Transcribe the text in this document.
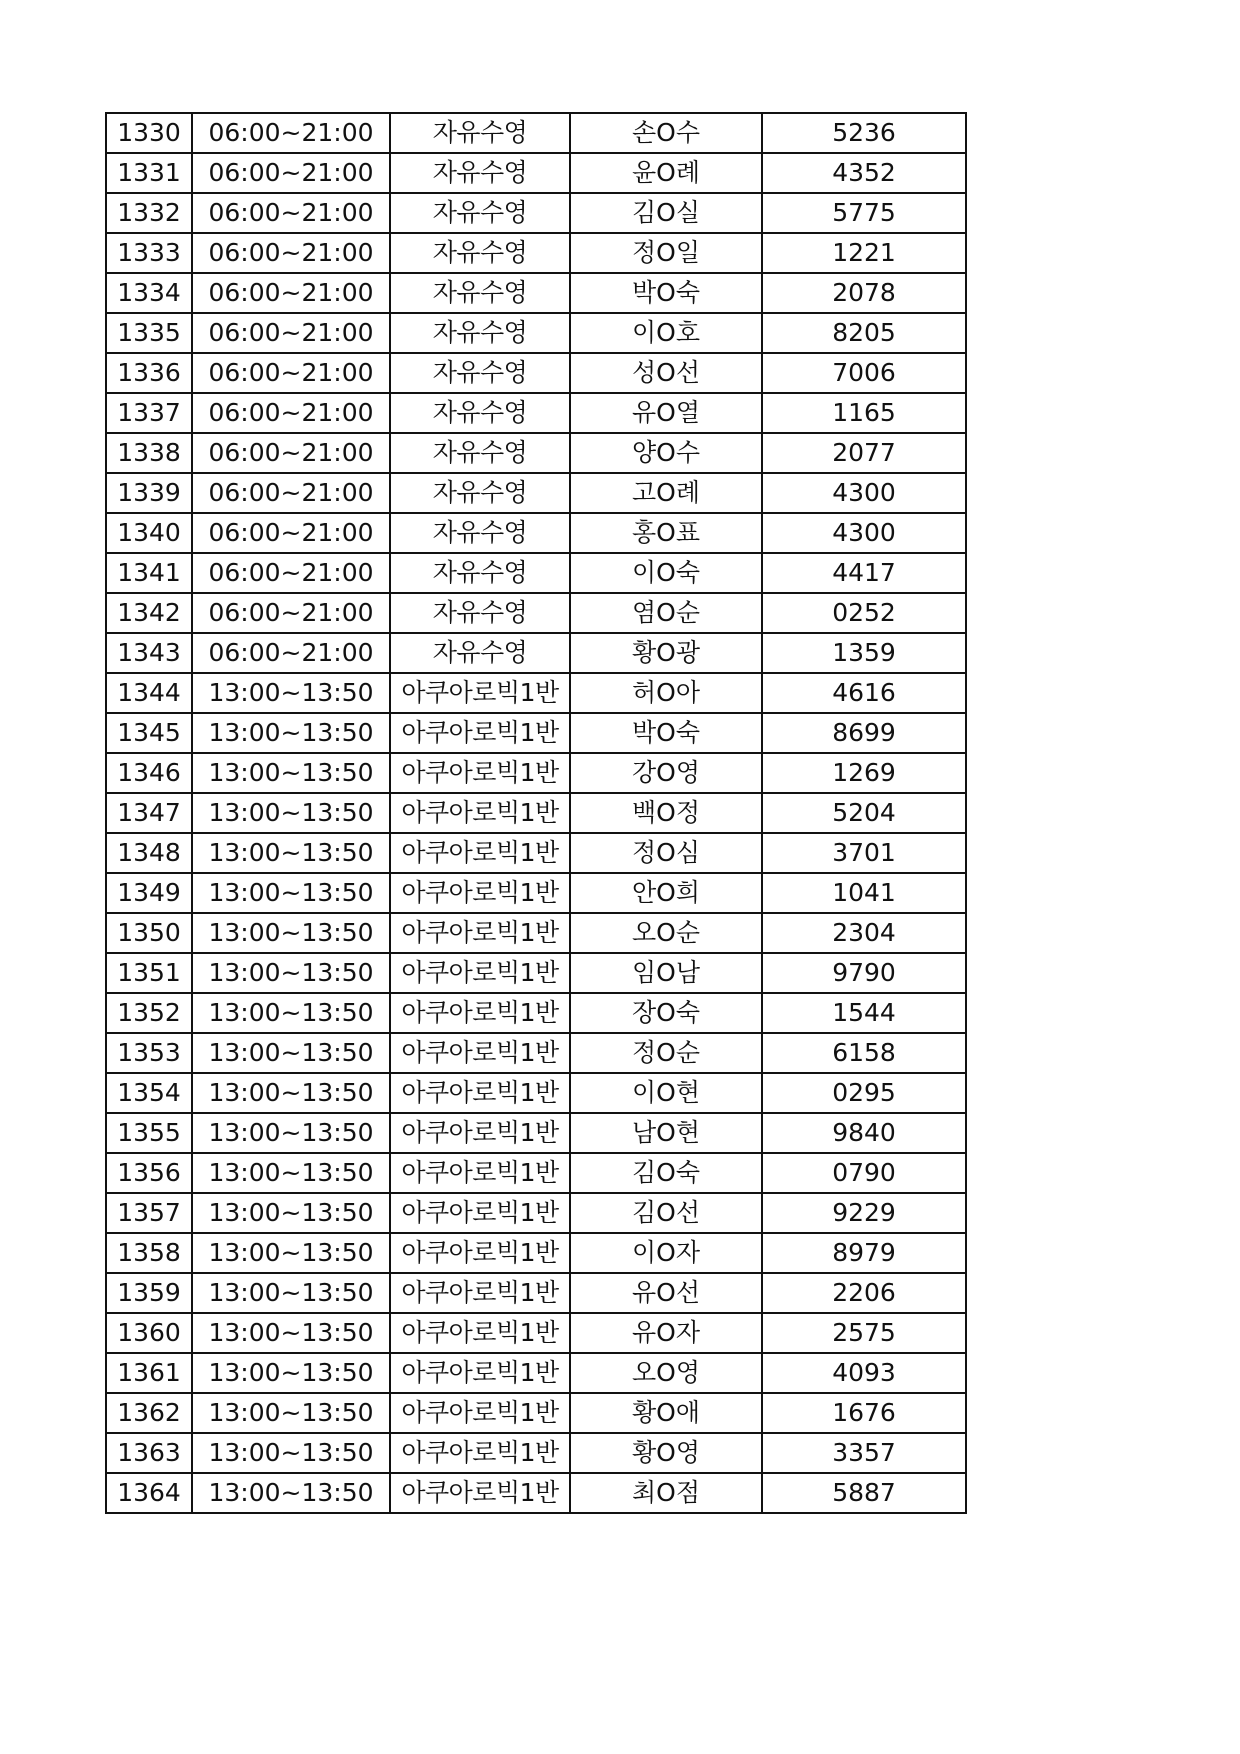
1330	06:00~21:00	자유수영	손O수	5236
1331	06:00~21:00	자유수영	윤O례	4352
1332	06:00~21:00	자유수영	김O실	5775
1333	06:00~21:00	자유수영	정O일	1221
1334	06:00~21:00	자유수영	박O숙	2078
1335	06:00~21:00	자유수영	이O호	8205
1336	06:00~21:00	자유수영	성O선	7006
1337	06:00~21:00	자유수영	유O열	1165
1338	06:00~21:00	자유수영	양O수	2077
1339	06:00~21:00	자유수영	고O례	4300
1340	06:00~21:00	자유수영	홍O표	4300
1341	06:00~21:00	자유수영	이O숙	4417
1342	06:00~21:00	자유수영	염O순	0252
1343	06:00~21:00	자유수영	황O광	1359
1344	13:00~13:50	아쿠아로빅1반	허O아	4616
1345	13:00~13:50	아쿠아로빅1반	박O숙	8699
1346	13:00~13:50	아쿠아로빅1반	강O영	1269
1347	13:00~13:50	아쿠아로빅1반	백O정	5204
1348	13:00~13:50	아쿠아로빅1반	정O심	3701
1349	13:00~13:50	아쿠아로빅1반	안O희	1041
1350	13:00~13:50	아쿠아로빅1반	오O순	2304
1351	13:00~13:50	아쿠아로빅1반	임O남	9790
1352	13:00~13:50	아쿠아로빅1반	장O숙	1544
1353	13:00~13:50	아쿠아로빅1반	정O순	6158
1354	13:00~13:50	아쿠아로빅1반	이O현	0295
1355	13:00~13:50	아쿠아로빅1반	남O현	9840
1356	13:00~13:50	아쿠아로빅1반	김O숙	0790
1357	13:00~13:50	아쿠아로빅1반	김O선	9229
1358	13:00~13:50	아쿠아로빅1반	이O자	8979
1359	13:00~13:50	아쿠아로빅1반	유O선	2206
1360	13:00~13:50	아쿠아로빅1반	유O자	2575
1361	13:00~13:50	아쿠아로빅1반	오O영	4093
1362	13:00~13:50	아쿠아로빅1반	황O애	1676
1363	13:00~13:50	아쿠아로빅1반	황O영	3357
1364	13:00~13:50	아쿠아로빅1반	최O점	5887
